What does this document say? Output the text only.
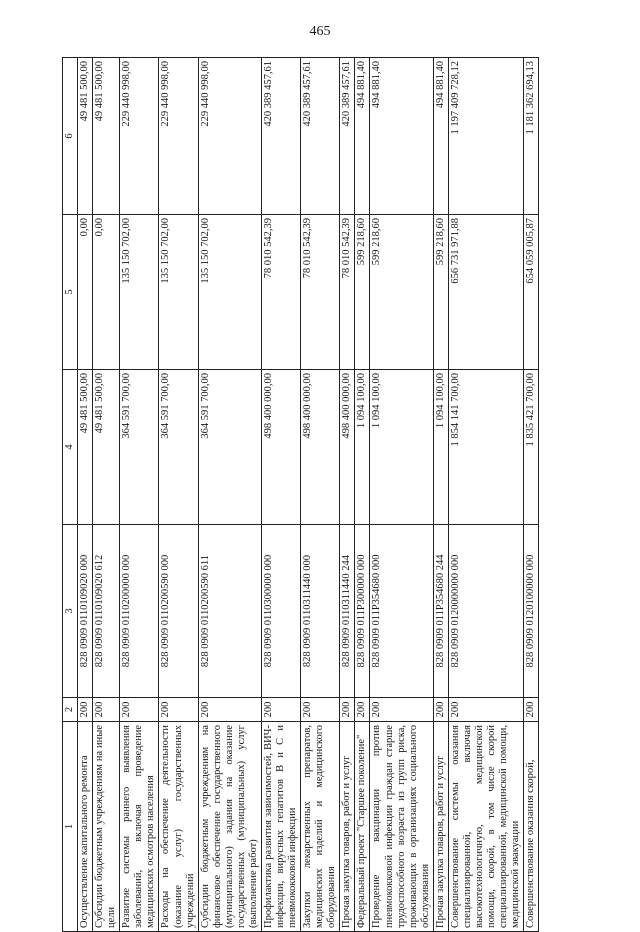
465
1	2	3	4	5	6
Осуществление капитального ремонта	200	828 0909 0110109020 000	49 481 500,00	0,00	49 481 500,00
Субсидии бюджетным учреждениям на иные цели	200	828 0909 0110109020 612	49 481 500,00	0,00	49 481 500,00
Развитие системы раннего выявления заболеваний, включая проведение медицинских осмотров населения	200	828 0909 0110200000 000	364 591 700,00	135 150 702,00	229 440 998,00
Расходы на обеспечение деятельности (оказание услуг) государственных учреждений	200	828 0909 0110200590 000	364 591 700,00	135 150 702,00	229 440 998,00
Субсидии бюджетным учреждениям на финансовое обеспечение государственного (муниципального) задания на оказание государственных (муниципальных) услуг (выполнение работ)	200	828 0909 0110200590 611	364 591 700,00	135 150 702,00	229 440 998,00
Профилактика развития зависимостей, ВИЧ-инфекции, вирусных гепатитов В и С и пневмококковой инфекции	200	828 0909 0110300000 000	498 400 000,00	78 010 542,39	420 389 457,61
Закупки лекарственных препаратов, медицинских изделий и медицинского оборудования	200	828 0909 0110311440 000	498 400 000,00	78 010 542,39	420 389 457,61
Прочая закупка товаров, работ и услуг	200	828 0909 0110311440 244	498 400 000,00	78 010 542,39	420 389 457,61
Федеральный проект "Старшее поколение"	200	828 0909 011P300000 000	1 094 100,00	599 218,60	494 881,40
Проведение вакцинации против пневмококковой инфекции граждан старше трудоспособного возраста из групп риска, проживающих в организациях социального обслуживания	200	828 0909 011P354680 000	1 094 100,00	599 218,60	494 881,40
Прочая закупка товаров, работ и услуг	200	828 0909 011P354680 244	1 094 100,00	599 218,60	494 881,40
Совершенствование системы оказания специализированной, включая высокотехнологичную, медицинской помощи, скорой, в том числе скорой специализированной, медицинской помощи, медицинской эвакуации	200	828 0909 0120000000 000	1 854 141 700,00	656 731 971,88	1 197 409 728,12
Совершенствование оказания скорой,	200	828 0909 0120100000 000	1 835 421 700,00	654 059 005,87	1 181 362 694,13
